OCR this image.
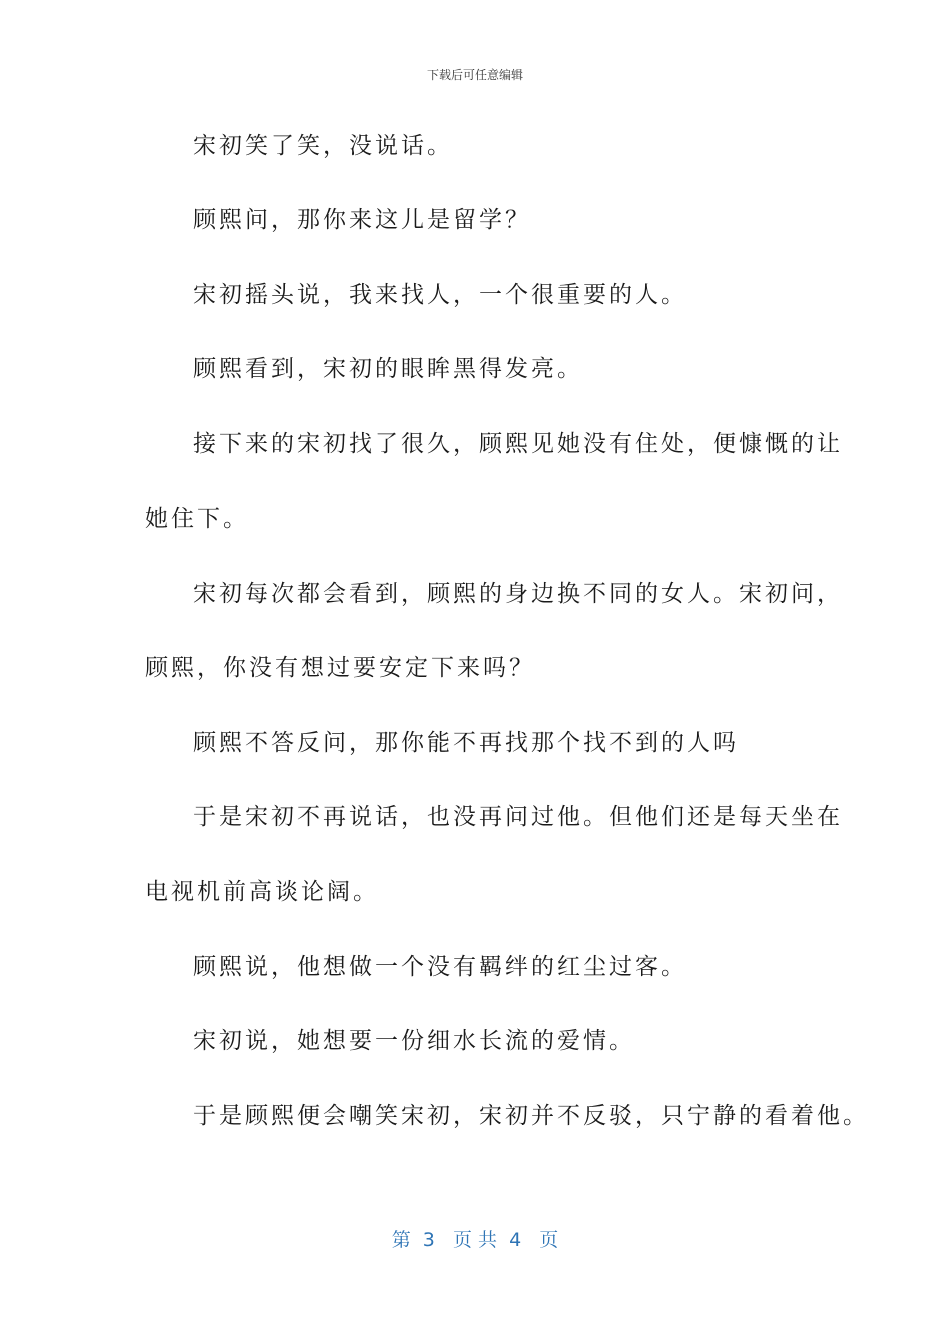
下载后可任意编辑
宋初笑了笑，没说话。
顾熙问，那你来这儿是留学？
宋初摇头说，我来找人，一个很重要的人。
顾熙看到，宋初的眼眸黑得发亮。
接下来的宋初找了很久，顾熙见她没有住处，便慷慨的让
她住下。
宋初每次都会看到，顾熙的身边换不同的女人。宋初问，
顾熙，你没有想过要安定下来吗？
顾熙不答反问，那你能不再找那个找不到的人吗
于是宋初不再说话，也没再问过他。但他们还是每天坐在
电视机前高谈论阔。
顾熙说，他想做一个没有羁绊的红尘过客。
宋初说，她想要一份细水长流的爱情。
于是顾熙便会嘲笑宋初，宋初并不反驳，只宁静的看着他。
第  3   页 共  4   页
